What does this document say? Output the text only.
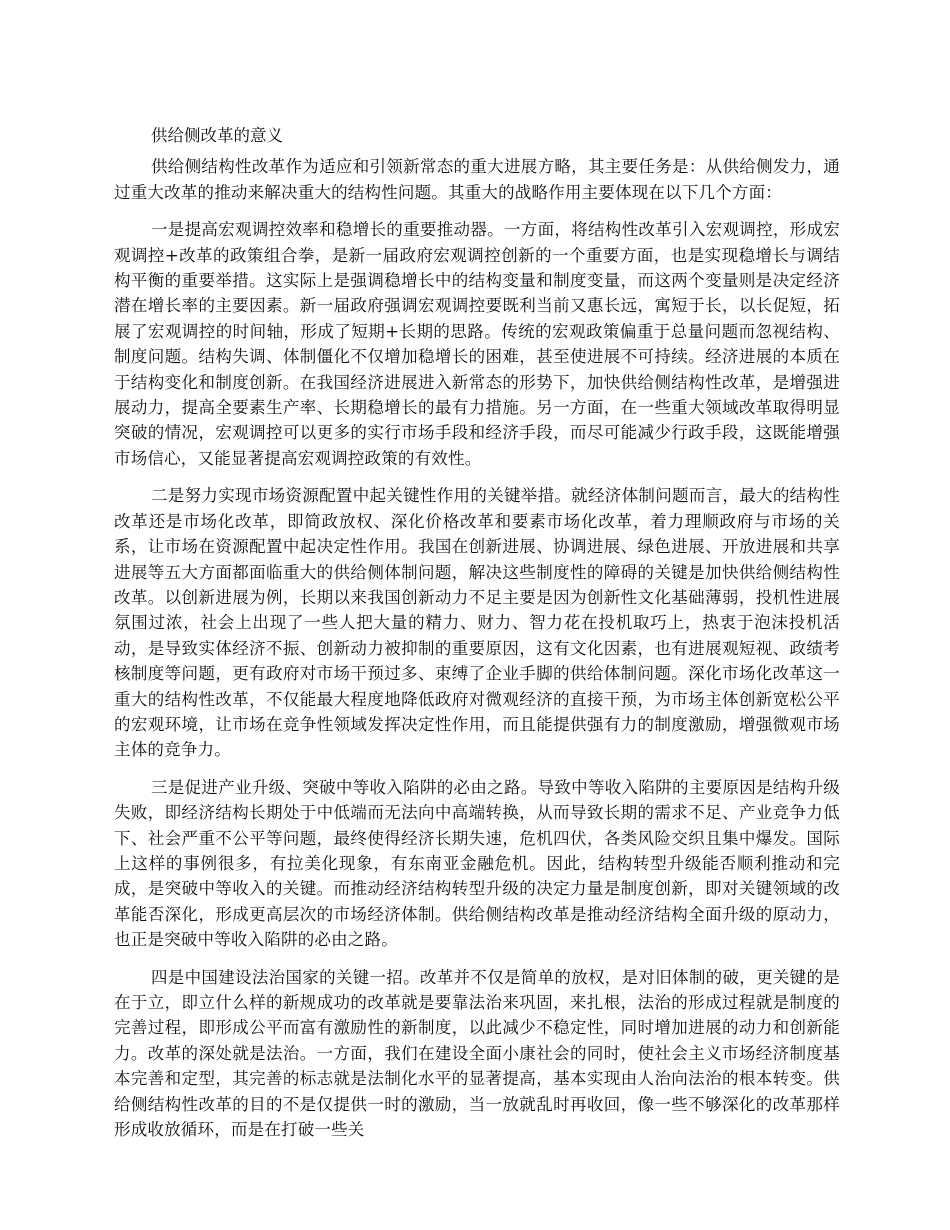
供给侧改革的意义

供给侧结构性改革作为适应和引领新常态的重大进展方略，其主要任务是：从供给侧发力，通过重大改革的推动来解决重大的结构性问题。其重大的战略作用主要体现在以下几个方面：

一是提高宏观调控效率和稳增长的重要推动器。一方面，将结构性改革引入宏观调控，形成宏观调控+改革的政策组合拳，是新一届政府宏观调控创新的一个重要方面，也是实现稳增长与调结构平衡的重要举措。这实际上是强调稳增长中的结构变量和制度变量，而这两个变量则是决定经济潜在增长率的主要因素。新一届政府强调宏观调控要既利当前又惠长远，寓短于长，以长促短，拓展了宏观调控的时间轴，形成了短期+长期的思路。传统的宏观政策偏重于总量问题而忽视结构、制度问题。结构失调、体制僵化不仅增加稳增长的困难，甚至使进展不可持续。经济进展的本质在于结构变化和制度创新。在我国经济进展进入新常态的形势下，加快供给侧结构性改革，是增强进展动力，提高全要素生产率、长期稳增长的最有力措施。另一方面，在一些重大领域改革取得明显突破的情况，宏观调控可以更多的实行市场手段和经济手段，而尽可能减少行政手段，这既能增强市场信心，又能显著提高宏观调控政策的有效性。

二是努力实现市场资源配置中起关键性作用的关键举措。就经济体制问题而言，最大的结构性改革还是市场化改革，即简政放权、深化价格改革和要素市场化改革，着力理顺政府与市场的关系，让市场在资源配置中起决定性作用。我国在创新进展、协调进展、绿色进展、开放进展和共享进展等五大方面都面临重大的供给侧体制问题，解决这些制度性的障碍的关键是加快供给侧结构性改革。以创新进展为例，长期以来我国创新动力不足主要是因为创新性文化基础薄弱，投机性进展氛围过浓，社会上出现了一些人把大量的精力、财力、智力花在投机取巧上，热衷于泡沫投机活动，是导致实体经济不振、创新动力被抑制的重要原因，这有文化因素，也有进展观短视、政绩考核制度等问题，更有政府对市场干预过多、束缚了企业手脚的供给体制问题。深化市场化改革这一重大的结构性改革，不仅能最大程度地降低政府对微观经济的直接干预，为市场主体创新宽松公平的宏观环境，让市场在竞争性领域发挥决定性作用，而且能提供强有力的制度激励，增强微观市场主体的竞争力。

三是促进产业升级、突破中等收入陷阱的必由之路。导致中等收入陷阱的主要原因是结构升级失败，即经济结构长期处于中低端而无法向中高端转换，从而导致长期的需求不足、产业竞争力低下、社会严重不公平等问题，最终使得经济长期失速，危机四伏，各类风险交织且集中爆发。国际上这样的事例很多，有拉美化现象，有东南亚金融危机。因此，结构转型升级能否顺利推动和完成，是突破中等收入的关键。而推动经济结构转型升级的决定力量是制度创新，即对关键领域的改革能否深化，形成更高层次的市场经济体制。供给侧结构改革是推动经济结构全面升级的原动力，也正是突破中等收入陷阱的必由之路。

四是中国建设法治国家的关键一招。改革并不仅是简单的放权，是对旧体制的破，更关键的是在于立，即立什么样的新规成功的改革就是要靠法治来巩固，来扎根，法治的形成过程就是制度的完善过程，即形成公平而富有激励性的新制度，以此减少不稳定性，同时增加进展的动力和创新能力。改革的深处就是法治。一方面，我们在建设全面小康社会的同时，使社会主义市场经济制度基本完善和定型，其完善的标志就是法制化水平的显著提高，基本实现由人治向法治的根本转变。供给侧结构性改革的目的不是仅提供一时的激励，当一放就乱时再收回，像一些不够深化的改革那样形成收放循环，而是在打破一些关
